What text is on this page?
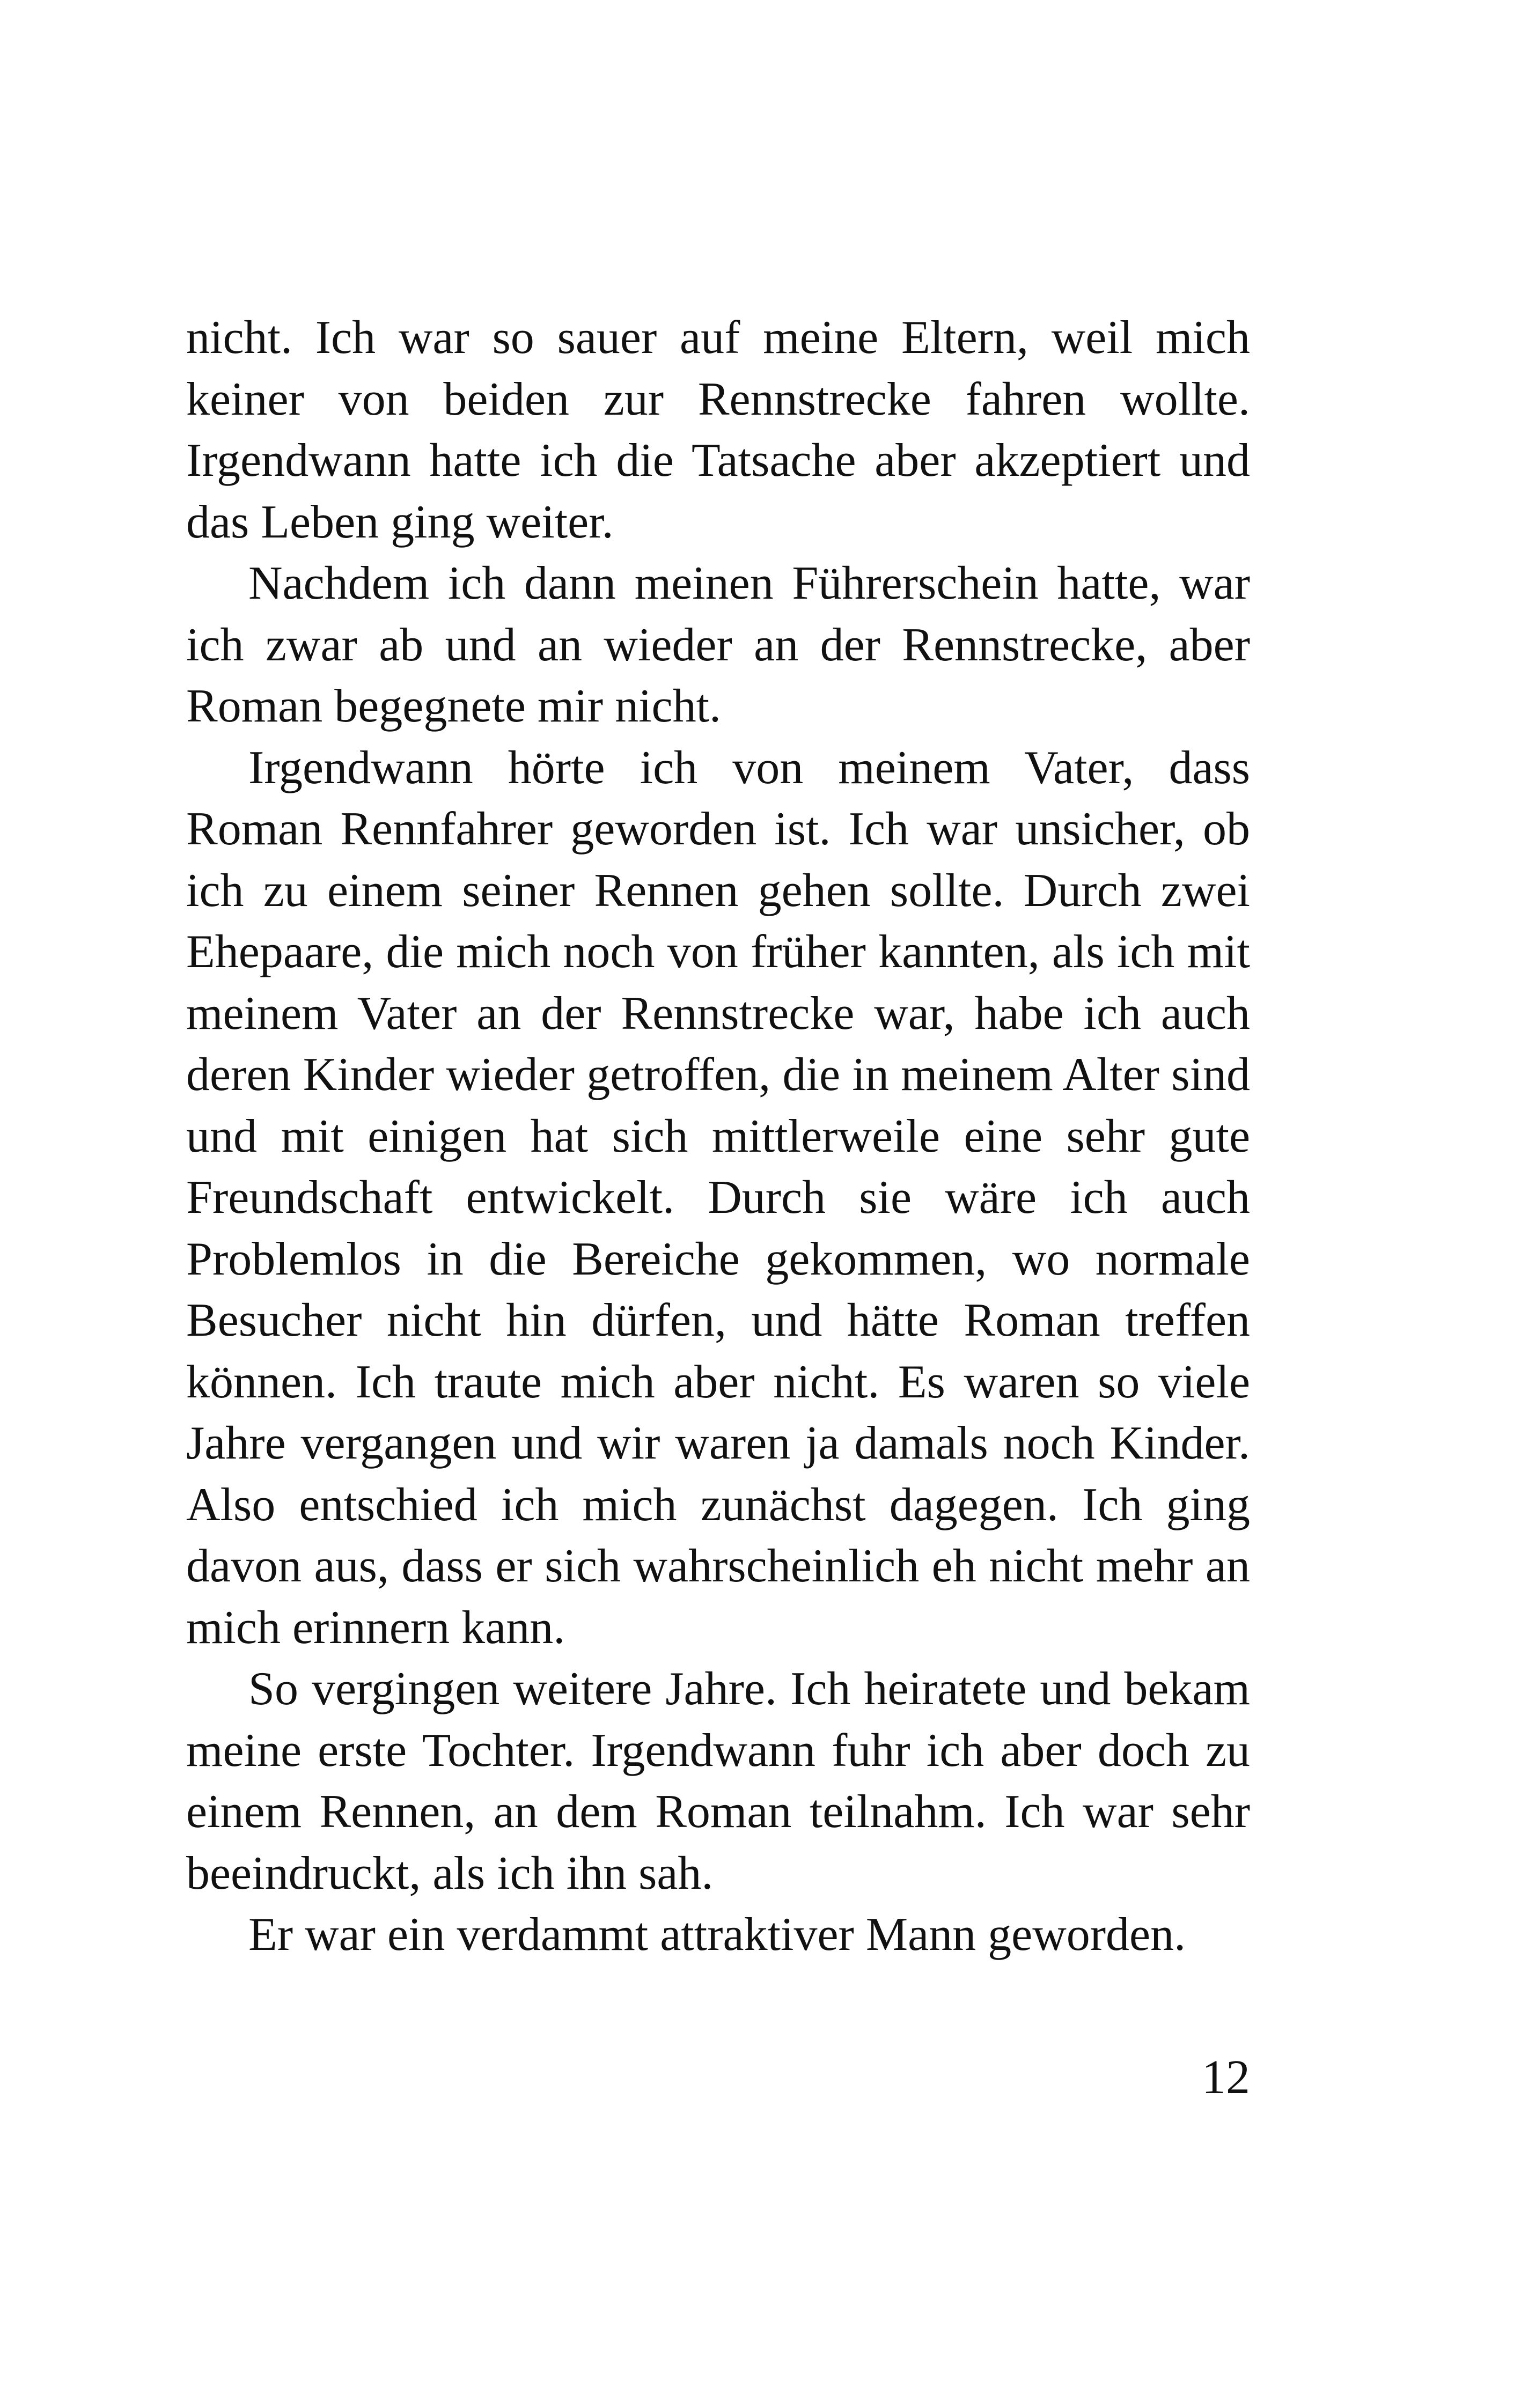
nicht. Ich war so sauer auf meine Eltern, weil mich keiner von beiden zur Rennstrecke fahren wollte. Irgendwann hatte ich die Tatsache aber akzeptiert und das Leben ging weiter.

Nachdem ich dann meinen Führerschein hatte, war ich zwar ab und an wieder an der Rennstrecke, aber Roman begegnete mir nicht.

Irgendwann hörte ich von meinem Vater, dass Roman Rennfahrer geworden ist. Ich war unsicher, ob ich zu einem seiner Rennen gehen sollte. Durch zwei Ehepaare, die mich noch von früher kannten, als ich mit meinem Vater an der Rennstrecke war, habe ich auch deren Kinder wieder getroffen, die in meinem Alter sind und mit einigen hat sich mittlerweile eine sehr gute Freundschaft entwickelt. Durch sie wäre ich auch Problemlos in die Bereiche gekommen, wo normale Besucher nicht hin dürfen, und hätte Roman treffen können. Ich traute mich aber nicht. Es waren so viele Jahre vergangen und wir waren ja damals noch Kinder. Also entschied ich mich zunächst dagegen. Ich ging davon aus, dass er sich wahrscheinlich eh nicht mehr an mich erinnern kann.

So vergingen weitere Jahre. Ich heiratete und bekam meine erste Tochter. Irgendwann fuhr ich aber doch zu einem Rennen, an dem Roman teilnahm. Ich war sehr beeindruckt, als ich ihn sah.

Er war ein verdammt attraktiver Mann geworden.

12
